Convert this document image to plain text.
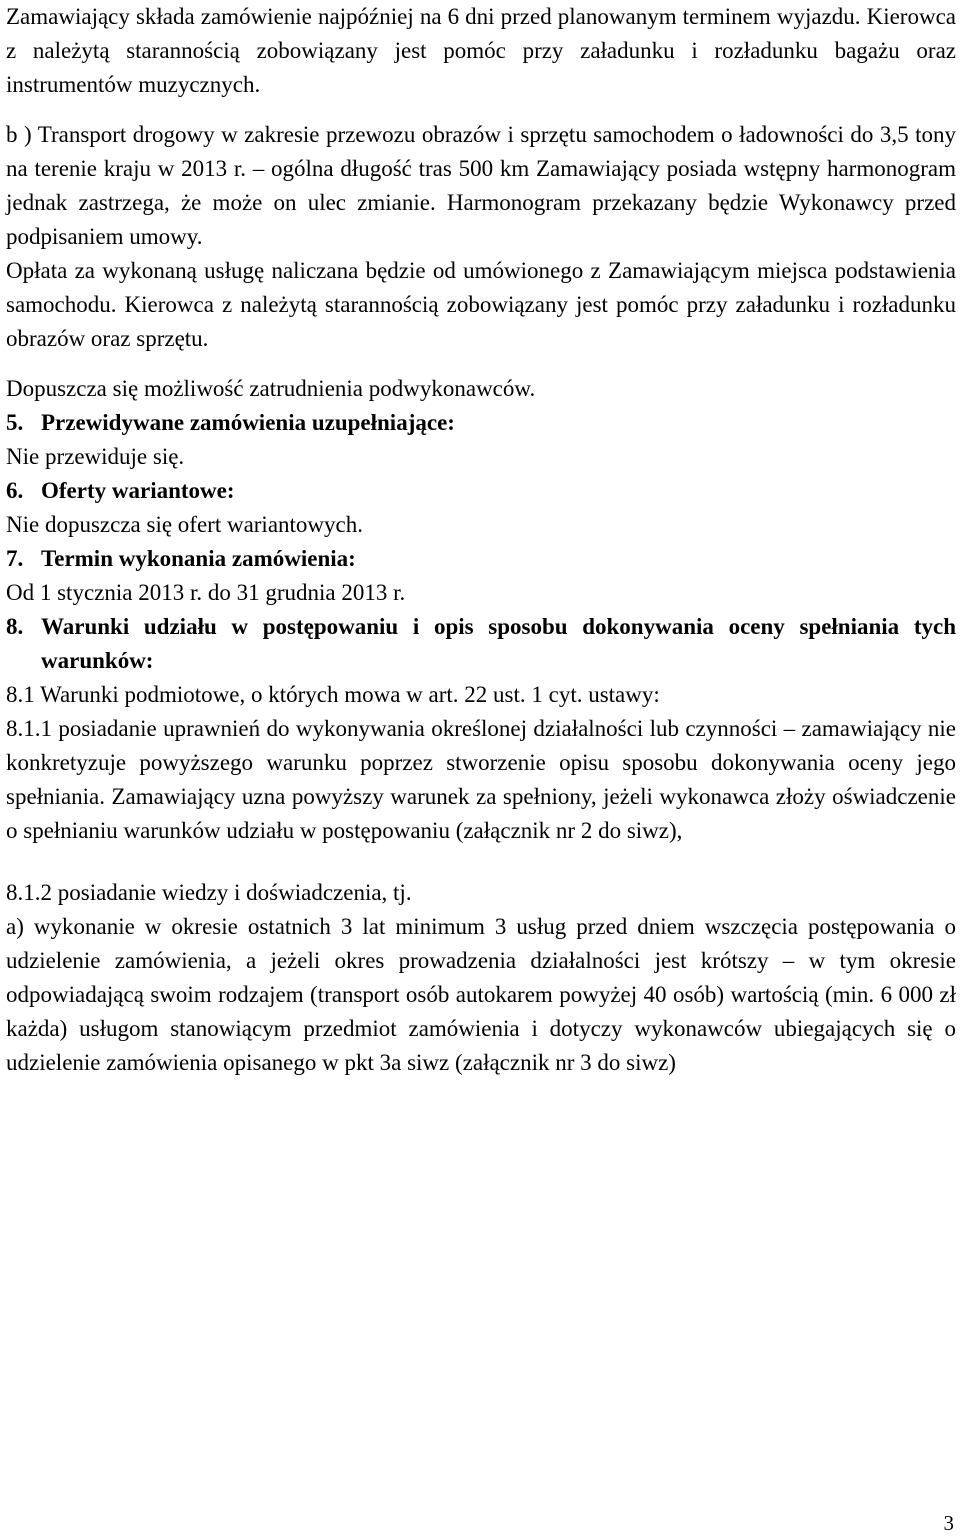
Zamawiający składa zamówienie najpóźniej na 6 dni przed planowanym terminem wyjazdu. Kierowca z należytą starannością zobowiązany jest pomóc przy załadunku i rozładunku bagażu oraz instrumentów muzycznych.

b ) Transport drogowy w zakresie przewozu obrazów i sprzętu samochodem o ładowności do 3,5 tony na terenie kraju w 2013 r. – ogólna długość tras 500 km Zamawiający posiada wstępny harmonogram jednak zastrzega, że może on ulec zmianie. Harmonogram przekazany będzie Wykonawcy przed podpisaniem umowy.

Opłata za wykonaną usługę naliczana będzie od umówionego z Zamawiającym miejsca podstawienia samochodu. Kierowca z należytą starannością zobowiązany jest pomóc przy załadunku i rozładunku obrazów oraz sprzętu.

Dopuszcza się możliwość zatrudnienia podwykonawców.

5. Przewidywane zamówienia uzupełniające:

Nie przewiduje się.

6. Oferty wariantowe:

Nie dopuszcza się ofert wariantowych.

7. Termin wykonania zamówienia:

Od 1 stycznia 2013 r. do 31 grudnia 2013 r.

8. Warunki udziału w postępowaniu i opis sposobu dokonywania oceny spełniania tych warunków:

8.1 Warunki podmiotowe, o których mowa w art. 22 ust. 1 cyt. ustawy:

8.1.1 posiadanie uprawnień do wykonywania określonej działalności lub czynności – zamawiający nie konkretyzuje powyższego warunku poprzez stworzenie opisu sposobu dokonywania oceny jego spełniania. Zamawiający uzna powyższy warunek za spełniony, jeżeli wykonawca złoży oświadczenie o spełnianiu warunków udziału w postępowaniu (załącznik nr 2 do siwz),

8.1.2 posiadanie wiedzy i doświadczenia, tj.

a) wykonanie w okresie ostatnich 3 lat minimum 3 usług przed dniem wszczęcia postępowania o udzielenie zamówienia, a jeżeli okres prowadzenia działalności jest krótszy – w tym okresie odpowiadającą swoim rodzajem (transport osób autokarem powyżej 40 osób) wartością (min. 6 000 zł każda) usługom stanowiącym przedmiot zamówienia i dotyczy wykonawców ubiegających się o udzielenie zamówienia opisanego w pkt 3a siwz (załącznik nr 3 do siwz)

3
